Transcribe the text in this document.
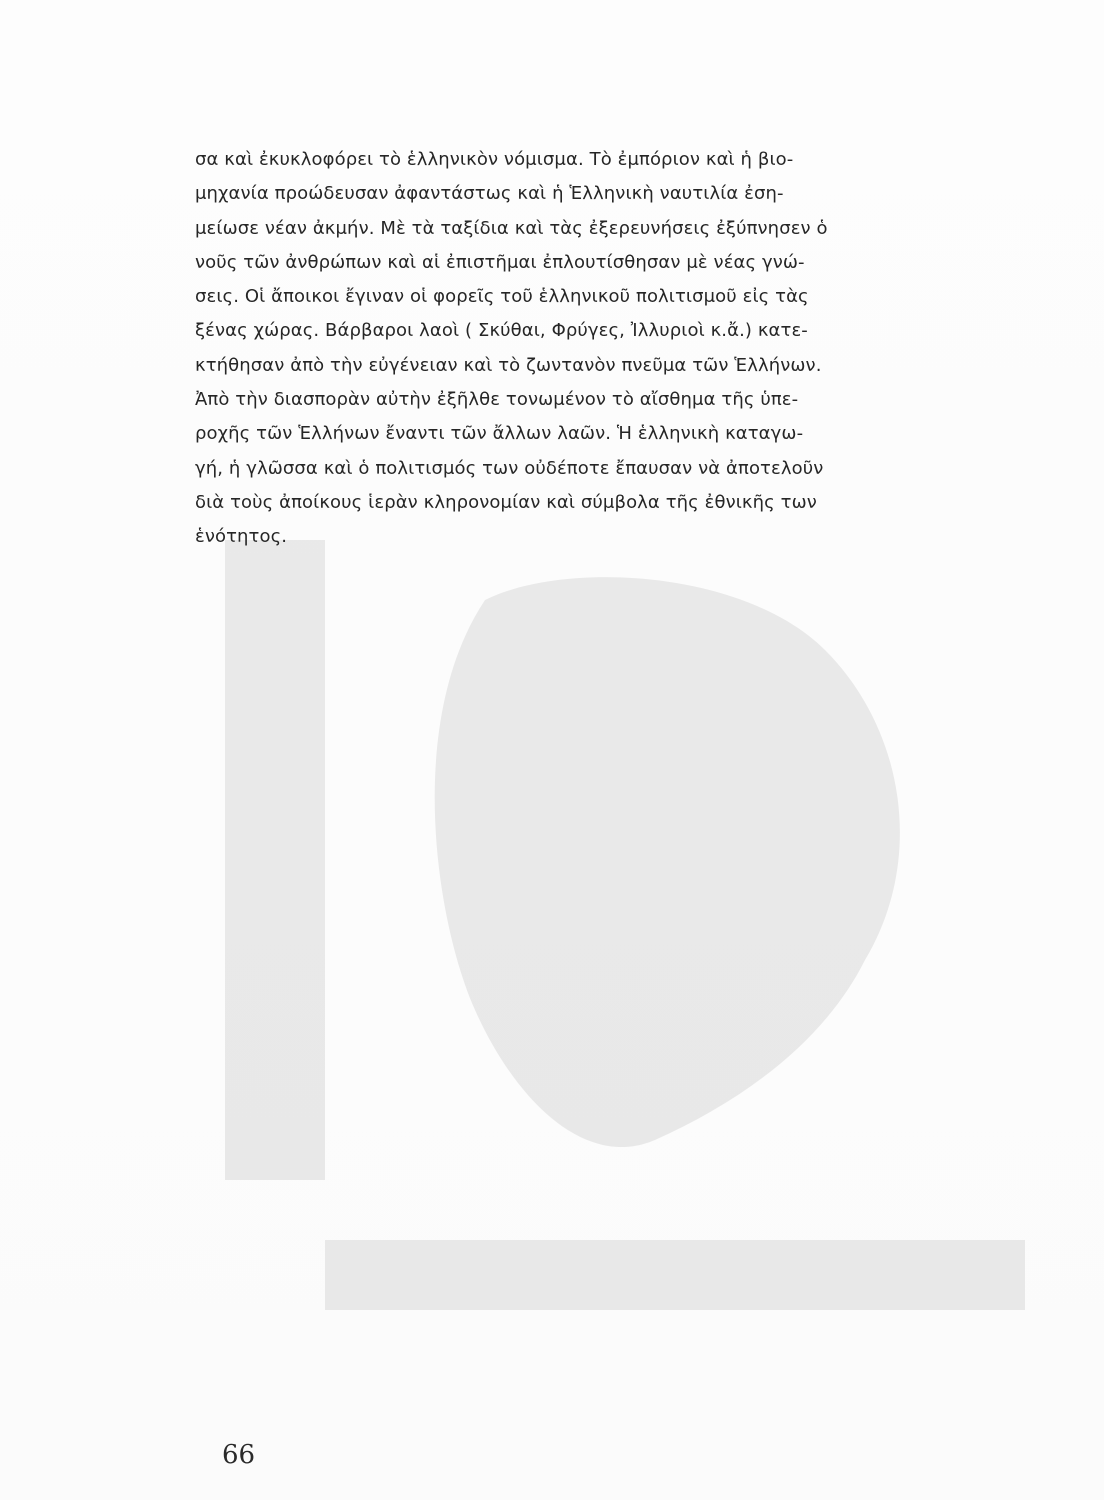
σα καὶ ἐκυκλοφόρει τὸ ἑλληνικὸν νόμισμα. Τὸ ἐμπόριον καὶ ἡ βιο-
μηχανία προώδευσαν ἀφαντάστως καὶ ἡ Ἑλληνικὴ ναυτιλία ἐση-
μείωσε νέαν ἀκμήν. Μὲ τὰ ταξίδια καὶ τὰς ἐξερευνήσεις ἐξύπνησεν ὁ
νοῦς τῶν ἀνθρώπων καὶ αἱ ἐπιστῆμαι ἐπλουτίσθησαν μὲ νέας γνώ-
σεις. Οἱ ἄποικοι ἔγιναν οἱ φορεῖς τοῦ ἑλληνικοῦ πολιτισμοῦ εἰς τὰς
ξένας χώρας. Βάρβαροι λαοὶ ( Σκύθαι, Φρύγες, Ἰλλυριοὶ κ.ἄ.) κατε-
κτήθησαν ἀπὸ τὴν εὐγένειαν καὶ τὸ ζωντανὸν πνεῦμα τῶν Ἑλλήνων.
Ἀπὸ τὴν διασπορὰν αὐτὴν ἐξῆλθε τονωμένον τὸ αἴσθημα τῆς ὑπε-
ροχῆς τῶν Ἑλλήνων ἔναντι τῶν ἄλλων λαῶν. Ἡ ἑλληνικὴ καταγω-
γή, ἡ γλῶσσα καὶ ὁ πολιτισμός των οὐδέποτε ἔπαυσαν νὰ ἀποτελοῦν
διὰ τοὺς ἀποίκους ἱερὰν κληρονομίαν καὶ σύμβολα τῆς ἐθνικῆς των
ἑνότητος.
66
